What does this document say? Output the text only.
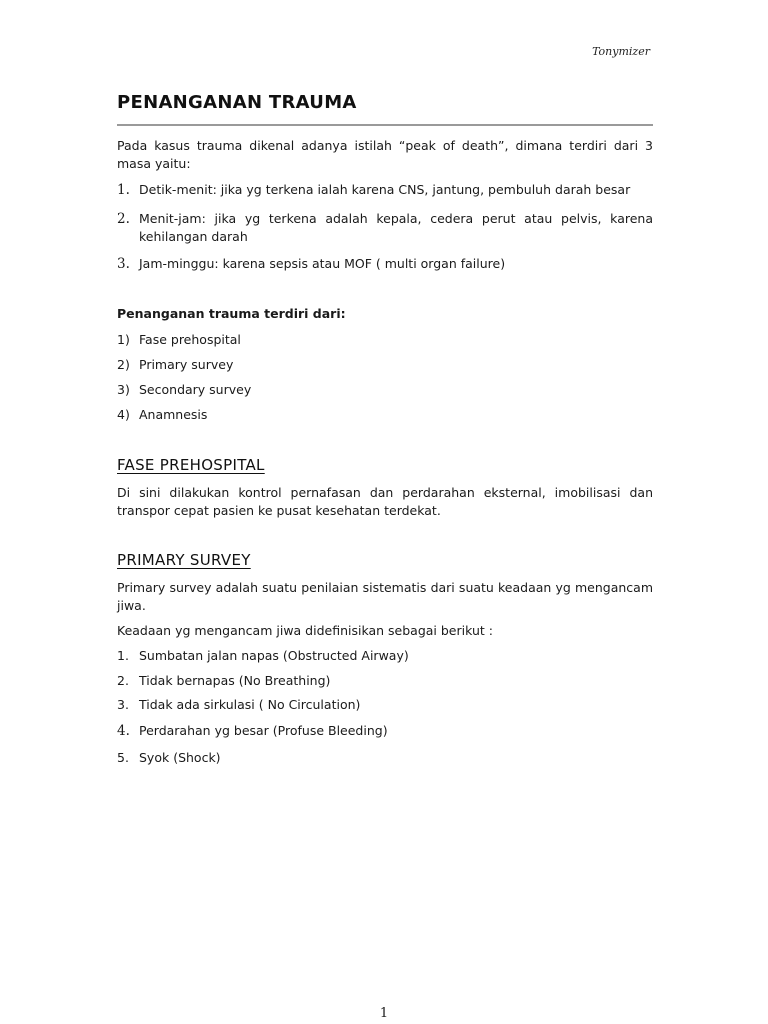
Tonymizer
PENANGANAN TRAUMA
Pada kasus trauma dikenal adanya istilah “peak of death”, dimana terdiri dari 3 masa yaitu:
1. Detik-menit: jika yg terkena ialah karena CNS, jantung, pembuluh darah besar
2. Menit-jam: jika yg terkena adalah kepala, cedera perut atau pelvis, karena kehilangan darah
3. Jam-minggu: karena sepsis atau MOF ( multi organ failure)
Penanganan trauma terdiri dari:
1) Fase prehospital
2) Primary survey
3) Secondary survey
4) Anamnesis
FASE PREHOSPITAL
Di sini dilakukan kontrol pernafasan dan perdarahan eksternal, imobilisasi dan transpor cepat pasien ke pusat kesehatan terdekat.
PRIMARY SURVEY
Primary survey adalah suatu penilaian sistematis dari suatu keadaan yg mengancam jiwa.
Keadaan yg mengancam jiwa didefinisikan sebagai berikut :
1. Sumbatan jalan napas (Obstructed Airway)
2. Tidak bernapas (No Breathing)
3. Tidak ada sirkulasi ( No Circulation)
4. Perdarahan yg besar (Profuse Bleeding)
5. Syok (Shock)
1
